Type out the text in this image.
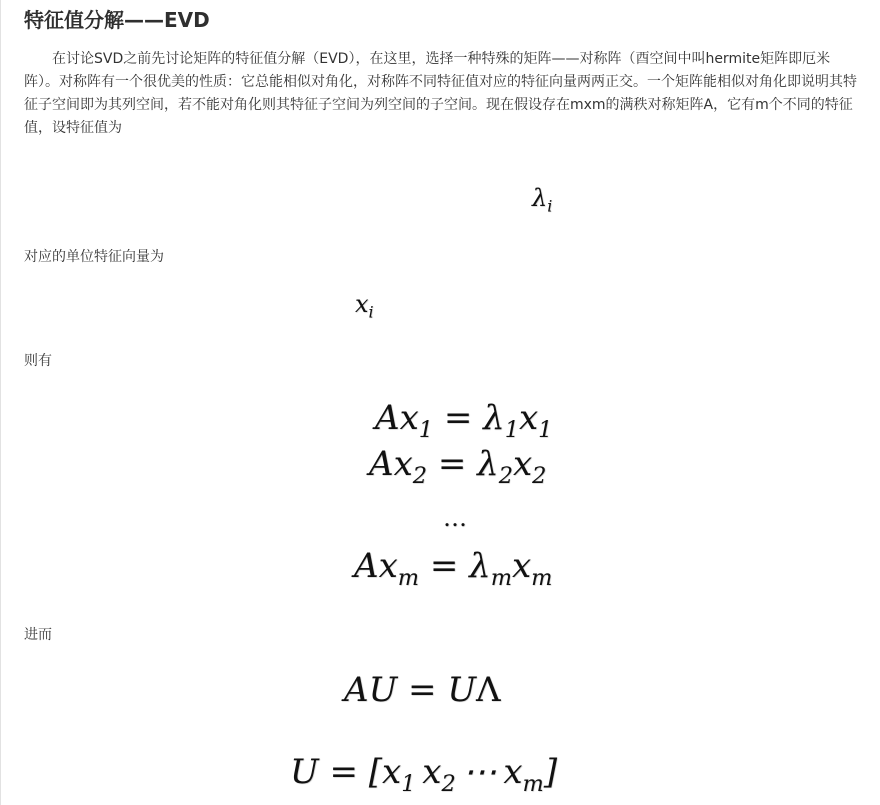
特征值分解——EVD

在讨论SVD之前先讨论矩阵的特征值分解（EVD），在这里，选择一种特殊的矩阵——对称阵（酉空间中叫hermite矩阵即厄米阵）。对称阵有一个很优美的性质：它总能相似对角化，对称阵不同特征值对应的特征向量两两正交。一个矩阵能相似对角化即说明其特征子空间即为其列空间，若不能对角化则其特征子空间为列空间的子空间。现在假设存在mxm的满秩对称矩阵A，它有m个不同的特征值，设特征值为

$\lambda_i$

对应的单位特征向量为

$x_i$

则有

$Ax_1 = \lambda_1x_1$
$Ax_2 = \lambda_2x_2$
…
$Ax_m = \lambda_mx_m$

进而

AU = UΛ
$U = [x_1$  $x_2$  ⋯  $x_m$]
